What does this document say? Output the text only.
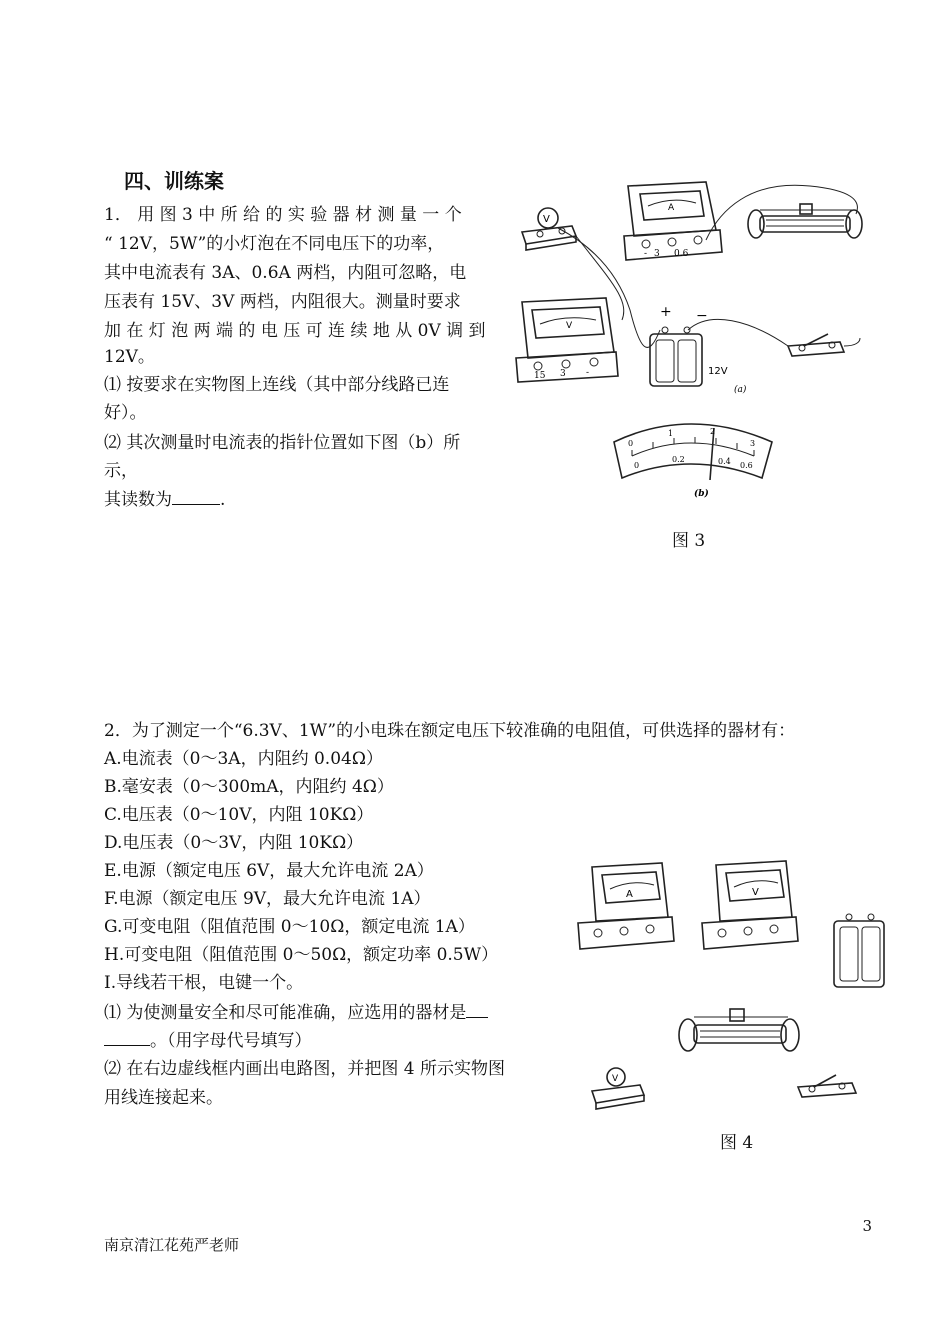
四、训练案
1． 用 图 3 中 所 给 的 实 验 器 材 测 量 一 个
“ 12V，5W”的小灯泡在不同电压下的功率，
其中电流表有 3A、0.6A 两档，内阻可忽略，电
压表有 15V、3V 两档，内阻很大。测量时要求
加 在 灯 泡 两 端 的 电 压 可 连 续 地 从 0V 调 到
12V。
⑴ 按要求在实物图上连线（其中部分线路已连
好）。
⑵ 其次测量时电流表的指针位置如下图（b）所
示，
其读数为	.
V
A
- 3 0.6
V
15 3 -
+ −
12V
(a)
0
1	2
3
0
0.2	0.4 0.6
(b)
图 3
2．为了测定一个“6.3V、1W”的小电珠在额定电压下较准确的电阻值，可供选择的器材有：
A.电流表（0～3A，内阻约 0.04Ω）
B.毫安表（0～300mA，内阻约 4Ω）
C.电压表（0～10V，内阻 10KΩ）
D.电压表（0～3V，内阻 10KΩ）
E.电源（额定电压 6V，最大允许电流 2A）
F.电源（额定电压 9V，最大允许电流 1A）
G.可变电阻（阻值范围 0～10Ω，额定电流 1A）
H.可变电阻（阻值范围 0～50Ω，额定功率 0.5W）
I.导线若干根，电键一个。
⑴ 为使测量安全和尽可能准确，应选用的器材是
。（用字母代号填写）
⑵ 在右边虚线框内画出电路图，并把图 4 所示实物图
用线连接起来。
A	V
V
图 4
3
南京清江花苑严老师
